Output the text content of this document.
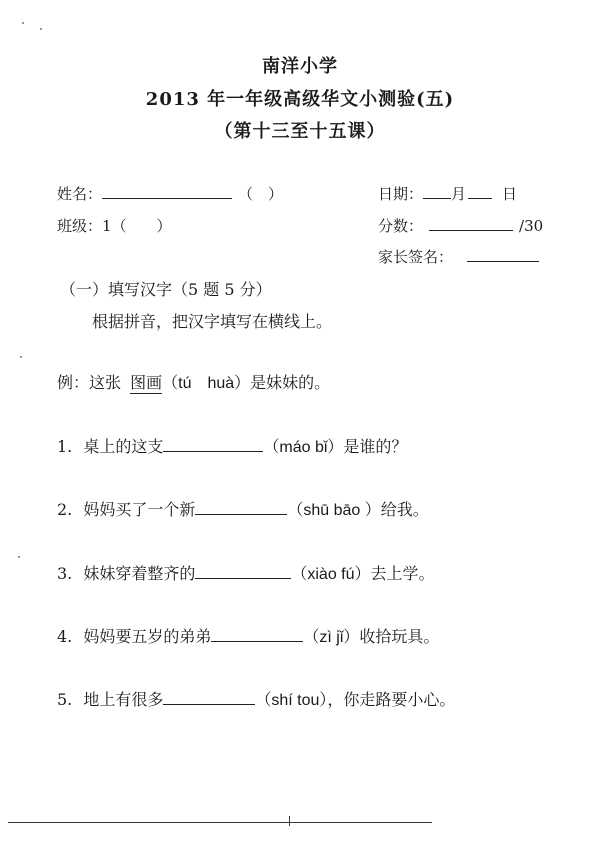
南洋小学
2013 年一年级高级华文小测验(五)
（第十三至十五课）
姓名：	（　）
班级：1（　　）
日期： 月 日
分数：	/30
家长签名：
（一）填写汉字（5 题 5 分）
根据拼音，把汉字填写在横线上。
例：这张 图画（tú　huà）是妹妹的。
1. 桌上的这支	（máo bǐ）是谁的？
2. 妈妈买了一个新	（shū bāo ）给我。
3. 妹妹穿着整齐的	（xiào fú）去上学。
4. 妈妈要五岁的弟弟	（zì jǐ）收拾玩具。
5. 地上有很多	（shí tou），你走路要小心。
